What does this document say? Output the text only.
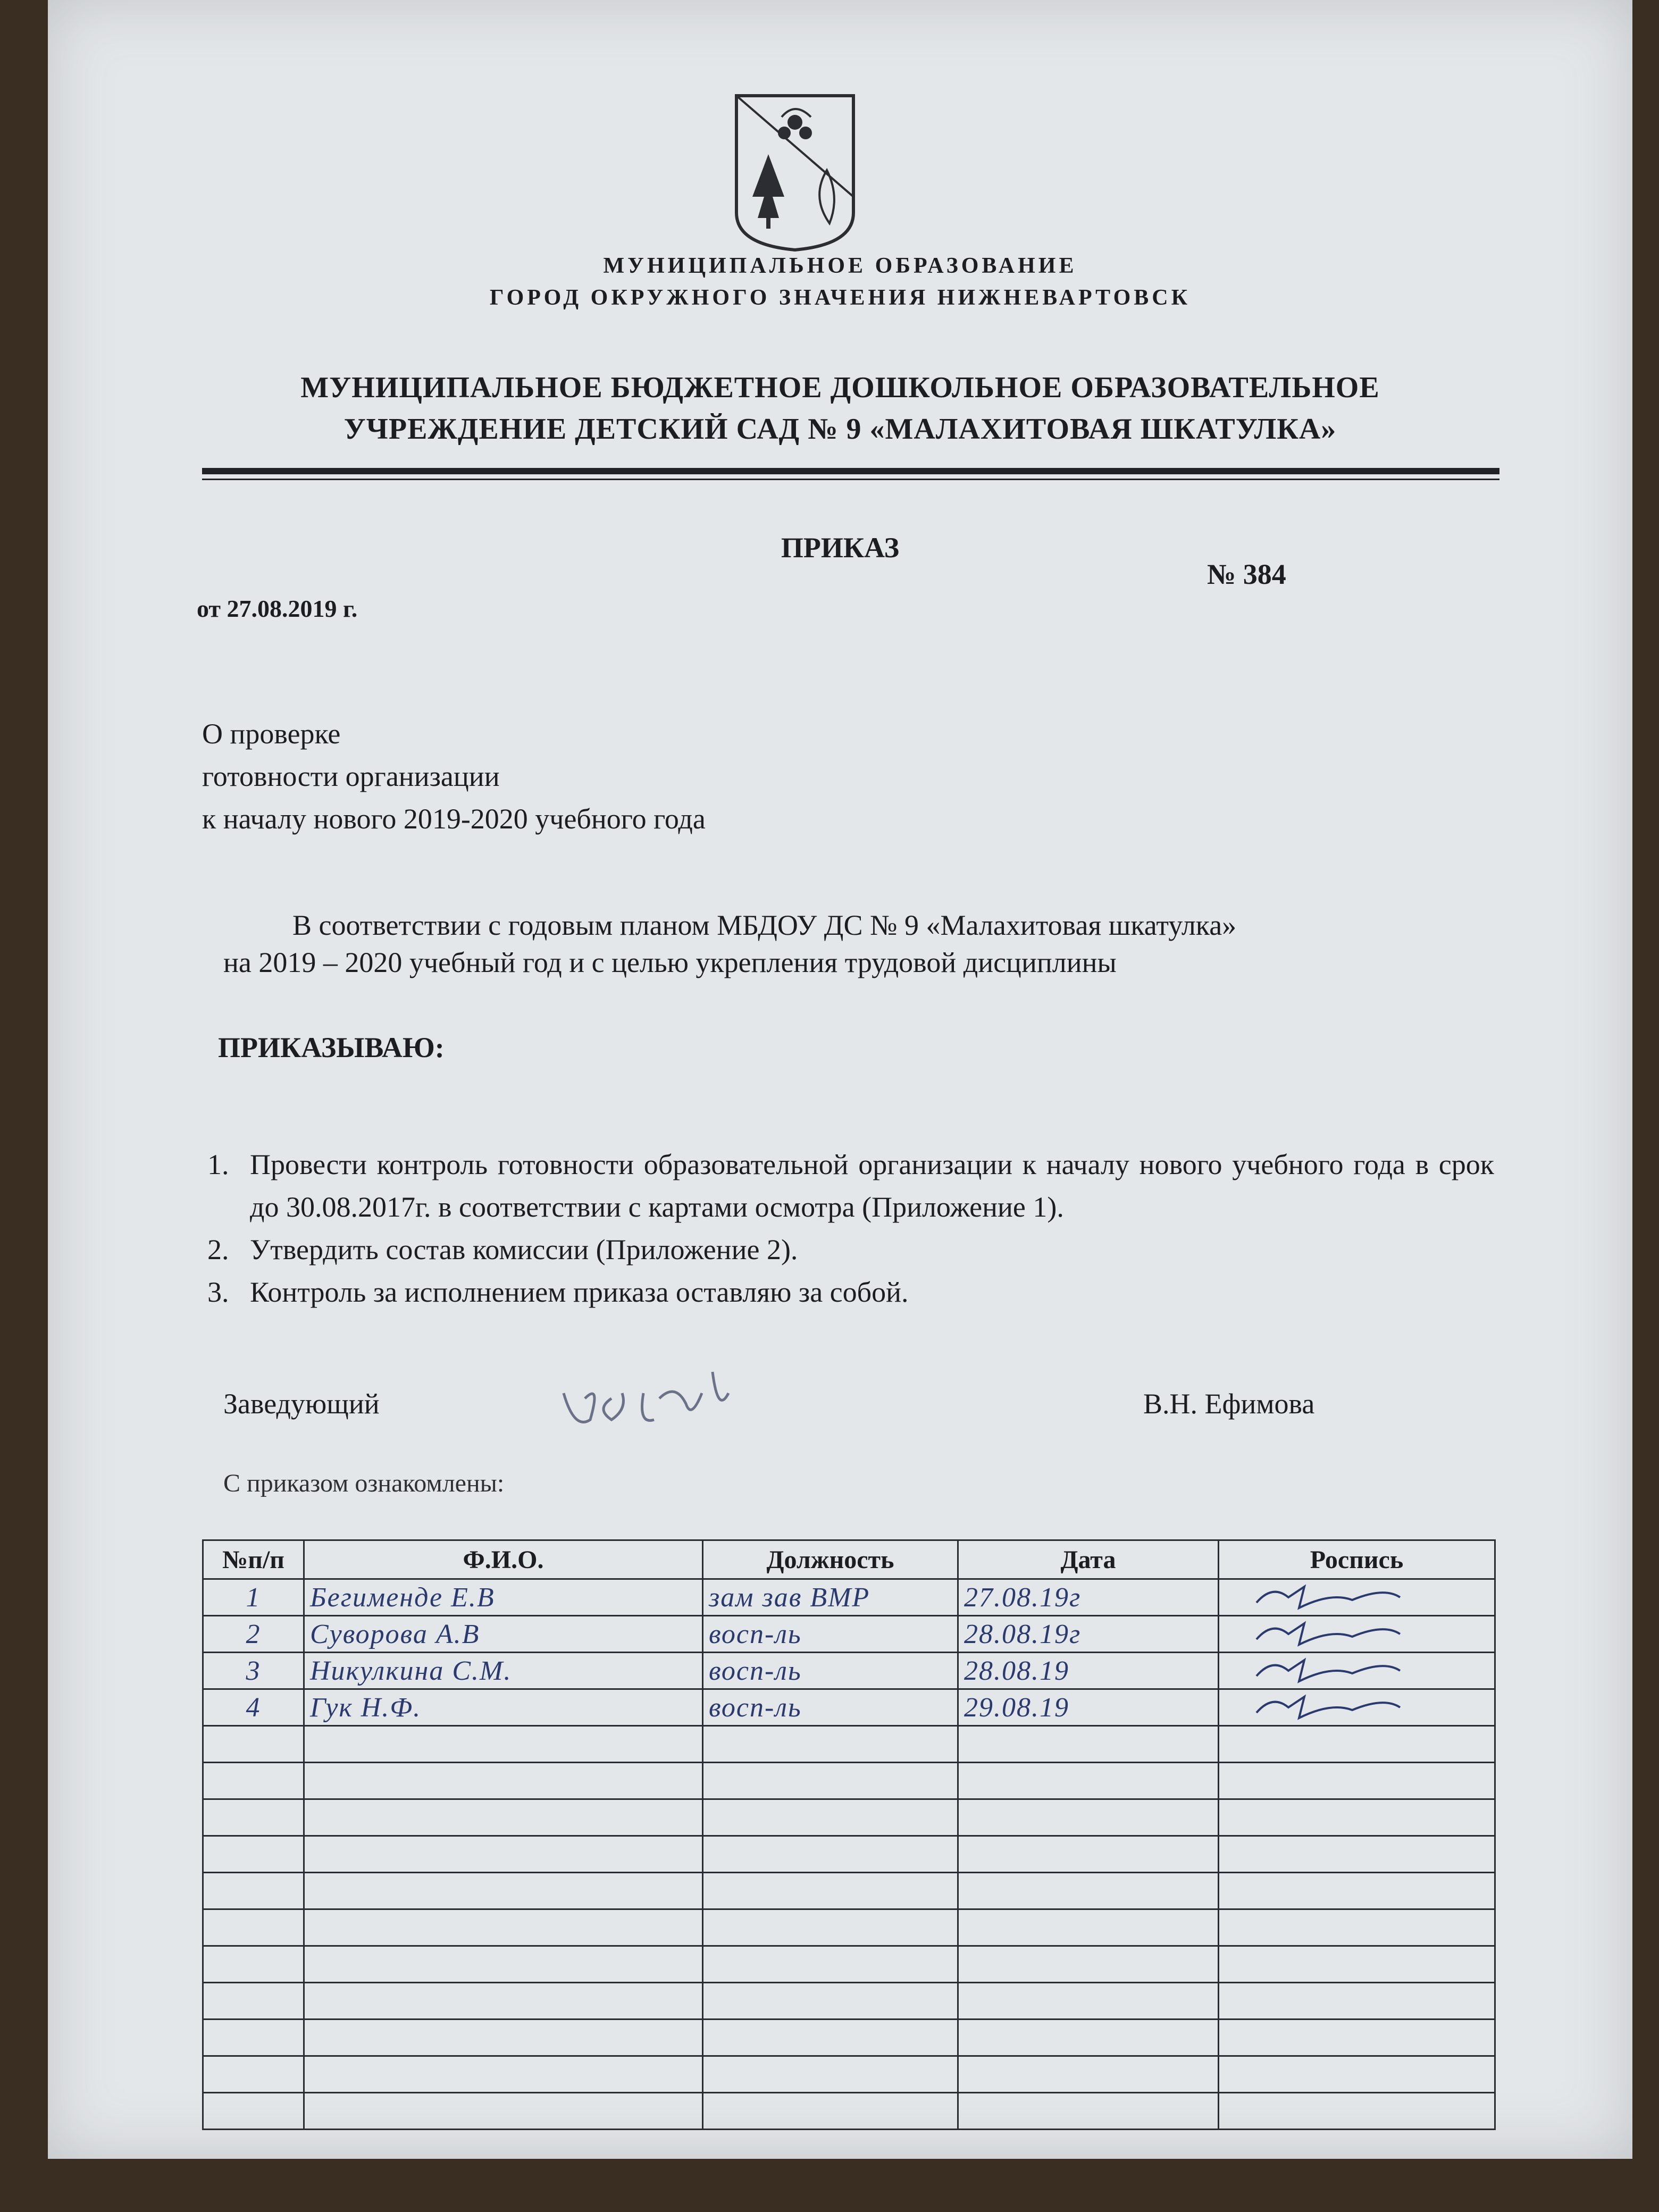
МУНИЦИПАЛЬНОЕ ОБРАЗОВАНИЕ
ГОРОД ОКРУЖНОГО ЗНАЧЕНИЯ НИЖНЕВАРТОВСК
МУНИЦИПАЛЬНОЕ БЮДЖЕТНОЕ ДОШКОЛЬНОЕ ОБРАЗОВАТЕЛЬНОЕ
УЧРЕЖДЕНИЕ ДЕТСКИЙ САД № 9 «МАЛАХИТОВАЯ ШКАТУЛКА»
ПРИКАЗ
№ 384
от 27.08.2019 г.
О проверке
готовности организации
к началу нового 2019-2020 учебного года
В соответствии с годовым планом МБДОУ ДС № 9 «Малахитовая шкатулка»
на 2019 – 2020 учебный год и с целью укрепления трудовой дисциплины
ПРИКАЗЫВАЮ:
1. Провести контроль готовности образовательной организации к началу нового учебного года в срок до 30.08.2017г. в соответствии с картами осмотра (Приложение 1).
2. Утвердить состав комиссии (Приложение 2).
3. Контроль за исполнением приказа оставляю за собой.
Заведующий	В.Н. Ефимова
С приказом ознакомлены:
№п/п	Ф.И.О.	Должность	Дата	Роспись
1	Бегименде Е.В	зам зав ВМР	27.08.19г	

2	Суворова А.В	восп-ль	28.08.19г	

3	Никулкина С.М.	восп-ль	28.08.19	

4	Гук Н.Ф.	восп-ль	29.08.19	
